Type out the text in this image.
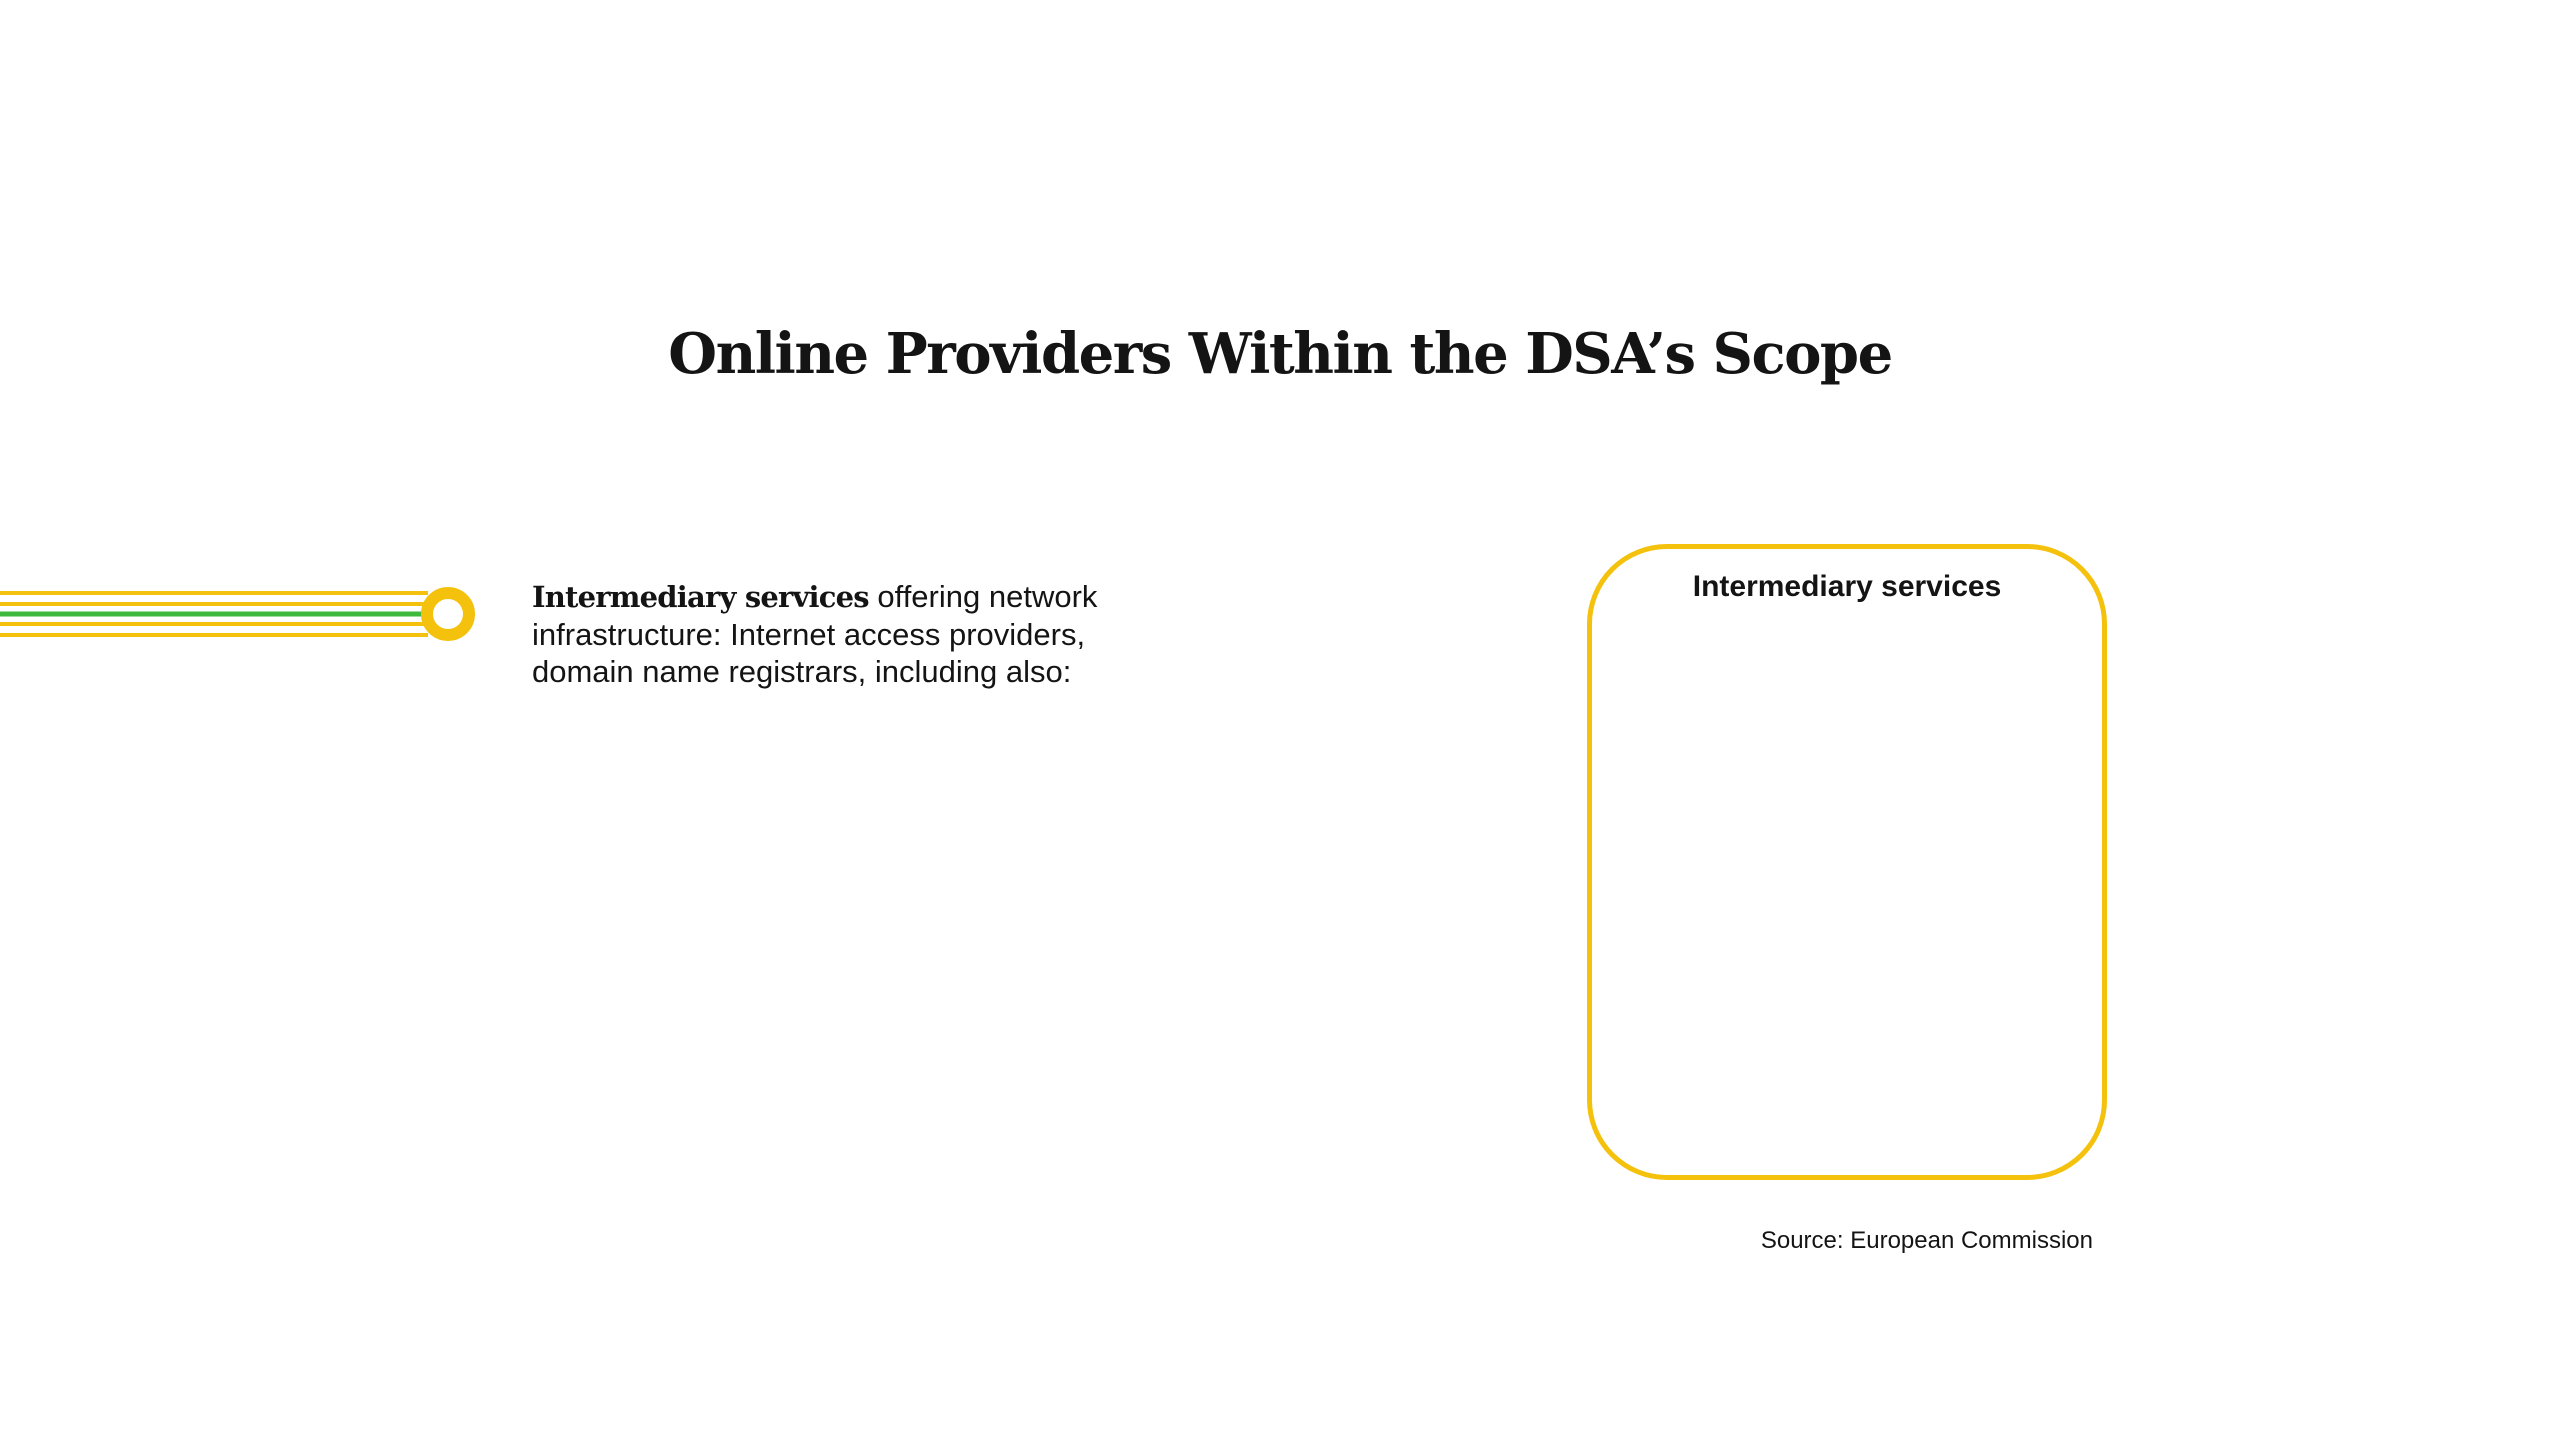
Online Providers Within the DSA’s Scope

Intermediary services offering network infrastructure: Internet access providers, domain name registrars, including also:

Intermediary services
Source: European Commission
